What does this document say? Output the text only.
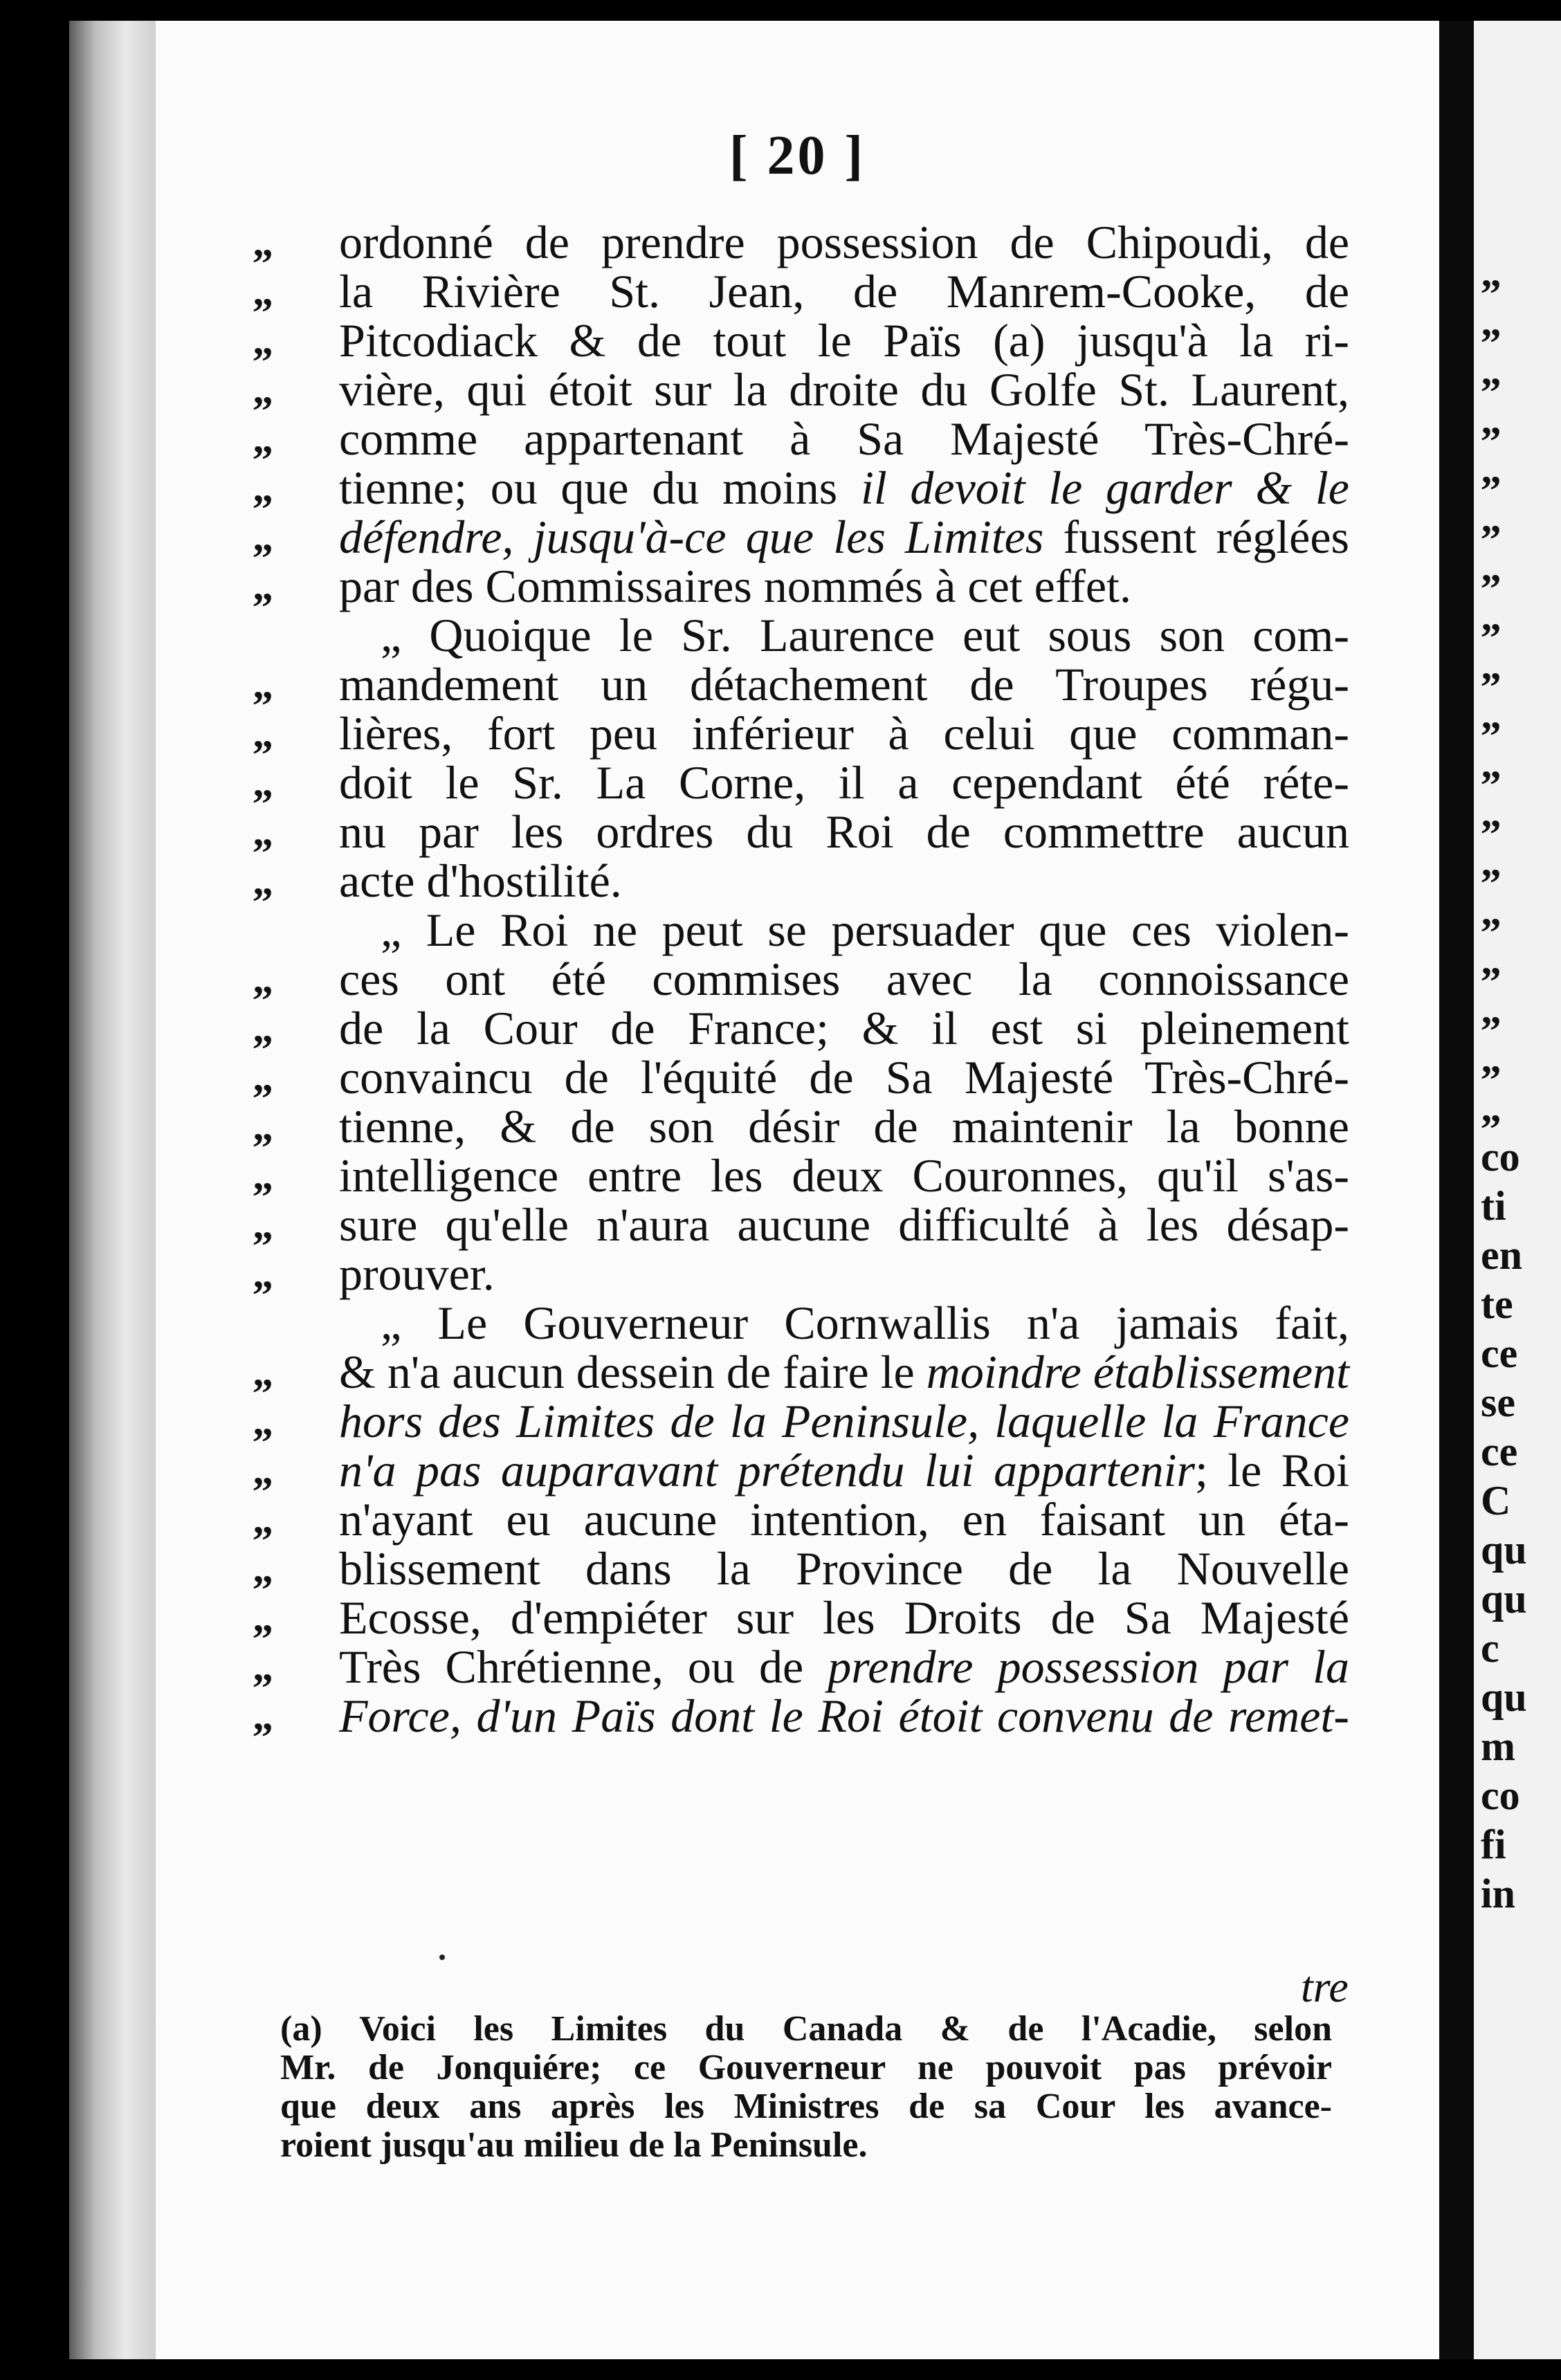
[ 20 ]
„ ordonné de prendre possession de Chipoudi, de
„ la Rivière St. Jean, de Manrem-Cooke, de
„ Pitcodiack & de tout le Païs (a) jusqu'à la ri-
„ vière, qui étoit sur la droite du Golfe St. Laurent,
„ comme appartenant à Sa Majesté Très-Chré-
„ tienne; ou que du moins il devoit le garder & le
„ défendre, jusqu'à-ce que les Limites fussent réglées
„ par des Commissaires nommés à cet effet.
„ Quoique le Sr. Laurence eut sous son com-
„ mandement un détachement de Troupes régu-
„ lières, fort peu inférieur à celui que comman-
„ doit le Sr. La Corne, il a cependant été réte-
„ nu par les ordres du Roi de commettre aucun
„ acte d'hostilité.
„ Le Roi ne peut se persuader que ces violen-
„ ces ont été commises avec la connoissance
„ de la Cour de France; & il est si pleinement
„ convaincu de l'équité de Sa Majesté Très-Chré-
„ tienne, & de son désir de maintenir la bonne
„ intelligence entre les deux Couronnes, qu'il s'as-
„ sure qu'elle n'aura aucune difficulté à les désap-
„ prouver.
„ Le Gouverneur Cornwallis n'a jamais fait,
„ & n'a aucun dessein de faire le moindre établissement
„ hors des Limites de la Peninsule, laquelle la France
„ n'a pas auparavant prétendu lui appartenir; le Roi
„ n'ayant eu aucune intention, en faisant un éta-
„ blissement dans la Province de la Nouvelle
„ Ecosse, d'empiéter sur les Droits de Sa Majesté
„ Très Chrétienne, ou de prendre possession par la
„ Force, d'un Païs dont le Roi étoit convenu de remet-
tre
(a) Voici les Limites du Canada & de l'Acadie, selon
Mr. de Jonquiére; ce Gouverneur ne pouvoit pas prévoir
que deux ans après les Ministres de sa Cour les avance-
roient jusqu'au milieu de la Peninsule.
„
„
„
„
„
„
„
„
„
„
„
„
„
„
„
„
„
„
co
ti
en
te
ce
se
ce
C
qu
qu
c
qu
m
co
fi
in
